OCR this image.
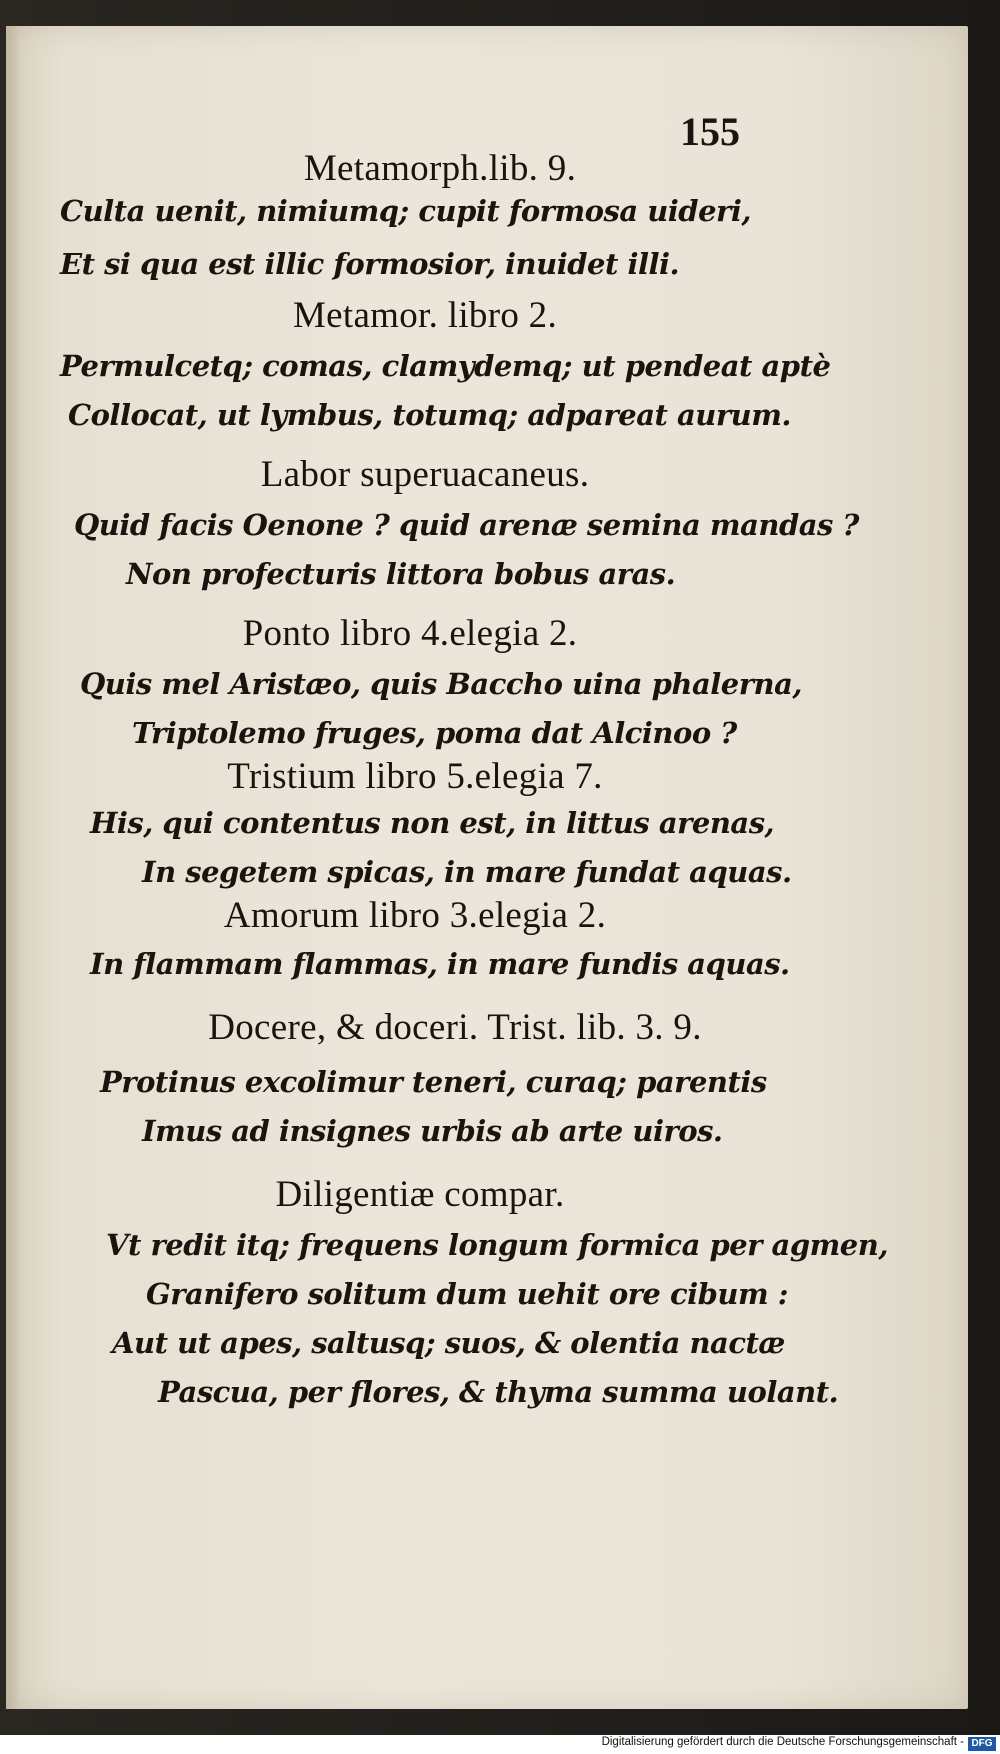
155
Metamorph.lib. 9.
Culta uenit, nimiumq; cupit formosa uideri,
Et si qua est illic formosior, inuidet illi.
Metamor. libro 2.
Permulcetq; comas, clamydemq; ut pendeat aptè
Collocat, ut lymbus, totumq; adpareat aurum.
Labor superuacaneus.
Quid facis Oenone ? quid arenæ semina mandas ?
Non profecturis littora bobus aras.
Ponto libro 4.elegia 2.
Quis mel Aristæo, quis Baccho uina phalerna,
Triptolemo fruges, poma dat Alcinoo ?
Tristium libro 5.elegia 7.
His, qui contentus non est, in littus arenas,
In segetem spicas, in mare fundat aquas.
Amorum libro 3.elegia 2.
In flammam flammas, in mare fundis aquas.
Docere, & doceri. Trist. lib. 3. 9.
Protinus excolimur teneri, curaq; parentis
Imus ad insignes urbis ab arte uiros.
Diligentiæ compar.
Vt redit itq; frequens longum formica per agmen,
Granifero solitum dum uehit ore cibum :
Aut ut apes, saltusq; suos, & olentia nactæ
Pascua, per flores, & thyma summa uolant.
Digitalisierung gefördert durch die Deutsche Forschungsgemeinschaft - DFG
